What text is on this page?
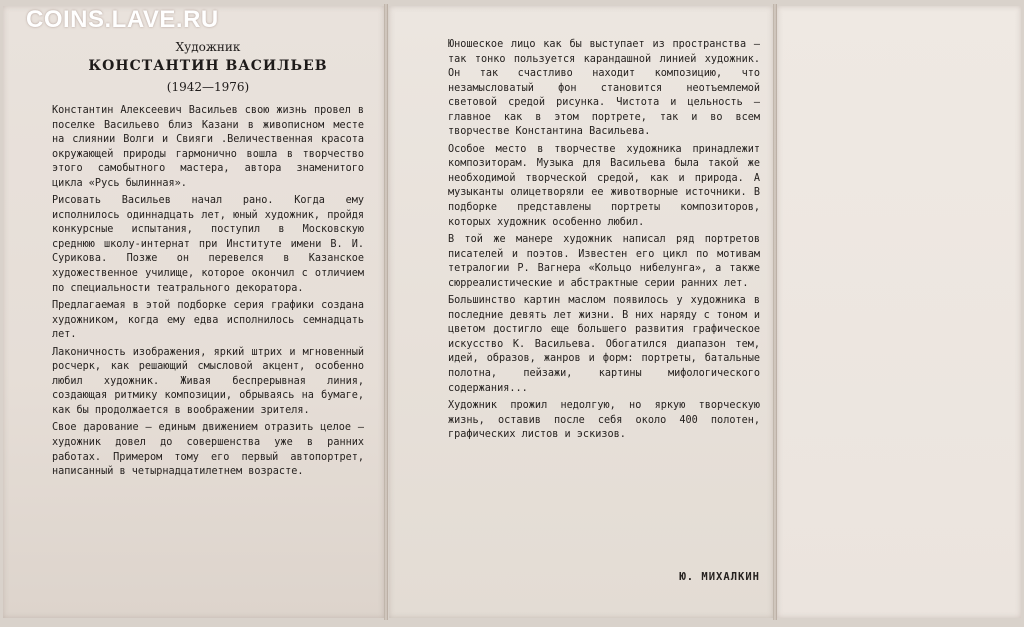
COINS.LAVE.RU
Художник
КОНСТАНТИН ВАСИЛЬЕВ
(1942—1976)

Константин Алексеевич Васильев свою жизнь провел в поселке Васильево близ Казани в живописном месте на слиянии Волги и Свияги .Величественная красота окружающей природы гармонично вошла в творчество этого самобытного мастера, автора знаменитого цикла «Русь былинная».

Рисовать Васильев начал рано. Когда ему исполнилось одиннадцать лет, юный художник, пройдя конкурсные испытания, поступил в Московскую среднюю школу-интернат при Институте имени В. И. Сурикова. Позже он перевелся в Казанское художественное училище, которое окончил с отличием по специальности театрального декоратора.

Предлагаемая в этой подборке серия графики создана художником, когда ему едва исполнилось семнадцать лет.

Лаконичность изображения, яркий штрих и мгновенный росчерк, как решающий смысловой акцент, особенно любил художник. Живая беспрерывная линия, создающая ритмику композиции, обрываясь на бумаге, как бы продолжается в воображении зрителя.

Свое дарование — единым движением отразить целое — художник довел до совершенства уже в ранних работах. Примером тому его первый автопортрет, написанный в четырнадцатилетнем возрасте.

Юношеское лицо как бы выступает из пространства — так тонко пользуется карандашной линией художник. Он так счастливо находит композицию, что незамысловатый фон становится неотъемлемой световой средой рисунка. Чистота и цельность — главное как в этом портрете, так и во всем творчестве Константина Васильева.

Особое место в творчестве художника принадлежит композиторам. Музыка для Васильева была такой же необходимой творческой средой, как и природа. А музыканты олицетворяли ее животворные источники. В подборке представлены портреты композиторов, которых художник особенно любил.

В той же манере художник написал ряд портретов писателей и поэтов. Известен его цикл по мотивам тетралогии Р. Вагнера «Кольцо нибелунга», а также сюрреалистические и абстрактные серии ранних лет.

Большинство картин маслом появилось у художника в последние девять лет жизни. В них наряду с тоном и цветом достигло еще большего развития графическое искусство К. Васильева. Обогатился диапазон тем, идей, образов, жанров и форм: портреты, батальные полотна, пейзажи, картины мифологического содержания...

Художник прожил недолгую, но яркую творческую жизнь, оставив после себя около 400 полотен, графических листов и эскизов.

Ю. МИХАЛКИН
